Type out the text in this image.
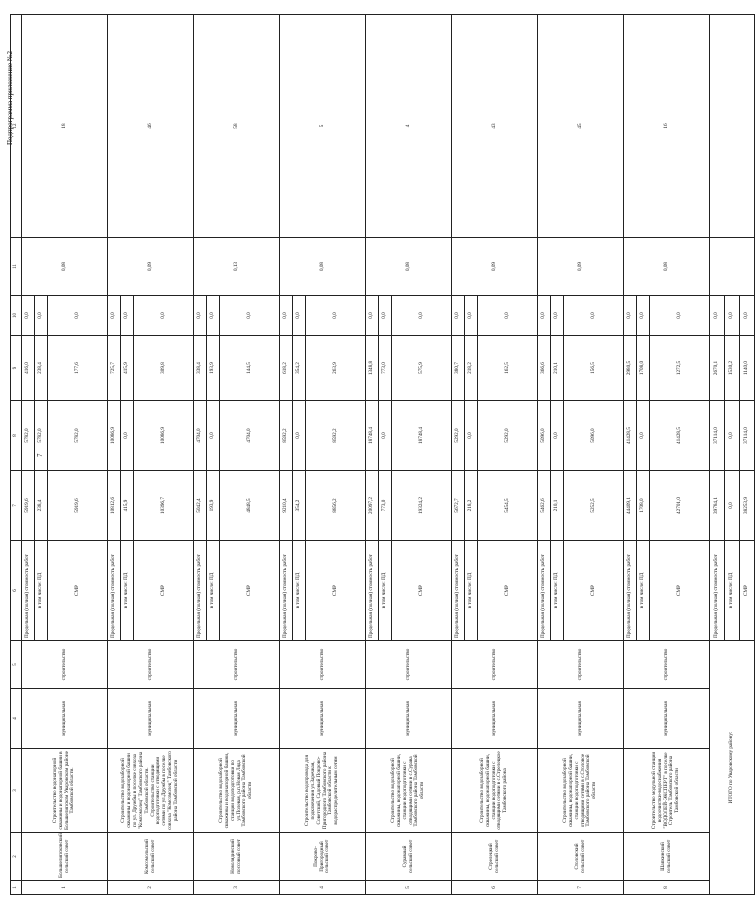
Подпрограмма приложение №2
7
1	2	3	4	5	6	7	8	9	10	11	12
1	Большелипсковский сельский совет	Строительство водонапорной скважины и водонапорной башни в Большелипском Уваровском районе Тамбовской области.	муниципальная	строительство	Предельная (полная) стоимость работ	5919,6	5782,0	416,0	0,0	0,08	18
					в том числе: ПД	238,4	5782,0	238,4	0,0		
					СМР	5919,6	5782,0	177,6	0,0		
2	Комсомольский сельский совет	Строительство водозаборной скважины и водонапорной башни по ул. Дружбы в поселке совхоза "Комсомолец" Тамбовского района Тамбовской области. Строительство станции водоподготовки с отводящими сетями по ул.Дружбы в поселке совхоза "Комсомолец" Тамбовского района Тамбовской области	муниципальная	строительство	Предельная (полная) стоимость работ	10812,6	10086,9	725,7	0,0	0,09	46
					в том числе: ПД	415,9	0,0	415,9	0,0		
					СМР	10396,7	10086,9	309,8	0,0		
3	Новолядинский поссовый совет	Строительство водозаборной скважины и водонапорной башни, станции водоподготовки по ул.Полевая, р.п.Новая Ляда Тамбовского района Тамбовской области	муниципальная	строительство	Предельная (полная) стоимость работ	5042,4	4704,0	338,4	0,0	0,13	58
					в том числе: ПД	193,9	0,0	193,9	0,0		
					СМР	4848,5	4704,0	144,5	0,0		
4	Покрово-Пригородный сельский совет	Строительство водопровода для подключения ул.Заречная, Советский, Садовый Покрово-Пригородного Тамбовского района Тамбовской области к водораспределительным сетям	муниципальная	строительство	Предельная (полная) стоимость работ	9210,4	8592,2	618,2	0,0	0,08	5
					в том числе: ПД	354,2	0,0	354,2	0,0		
					СМР	8856,2	8592,2	263,9	0,0		
5	Сураваый сельский совет	Строительство водозаборной скважины, водонапорной башни, станции водоподготовки с отводящими сетями в с.Сурава Тамбовского района Тамбовской области	муниципальная	строительство	Предельная (полная) стоимость работ	20097,2	18748,4	1348,8	0,0	0,08	4
					в том числе: ПД	773,0	0,0	773,0	0,0		
					СМР	19324,2	18748,4	575,9	0,0		
6	Стрелецкий сельский совет	Строительство водозаборной скважины, водонапорной башни, станции водоподготовки с отводящими сетями в с.Стрелецкое Тамбовского района	муниципальная	строительство	Предельная (полная) стоимость работ	5672,7	5292,0	380,7	0,0	0,09	43
					в том числе: ПД	218,2	0,0	218,2	0,0		
					СМР	5454,5	5292,0	162,5	0,0		
7	Столовский сельский совет	Строительство водозаборной скважины, водонапорной башни, станции водоподготовки с отводящими сетями в с.Столовое Тамбовского района Тамбовской области	муниципальная	строительство	Предельная (полная) стоимость работ	5462,6	5096,0	366,6	0,0	0,09	45
					в том числе: ПД	210,1	0,0	210,1	0,0		
					СМР	5252,5	5096,0	156,5	0,0		
8	Шапкинский сельский совет	Строительство модульной станции водоочистки-водоснабжения "ВОДОЛЕЙ-ЭКСПЕРТ" в поселке Строитель Тамбовского района Тамбовской области	муниципальная	строительство	Предельная (полная) стоимость работ	44409,1	41428,5	2980,5	0,0	0,08	16
					в том числе: ПД	1708,0	0,0	1708,0	0,0		
					СМР	42701,0	41428,5	1272,5	0,0		
ИТОГО по Уваровскому району:					Предельная (полная) стоимость работ	39784,1	37114,0	2670,1	0,0		
					в том числе: ПД	0,0	0,0	1530,2	0,0		
					СМР	38253,9	37114,0	1140,0	0,0		
